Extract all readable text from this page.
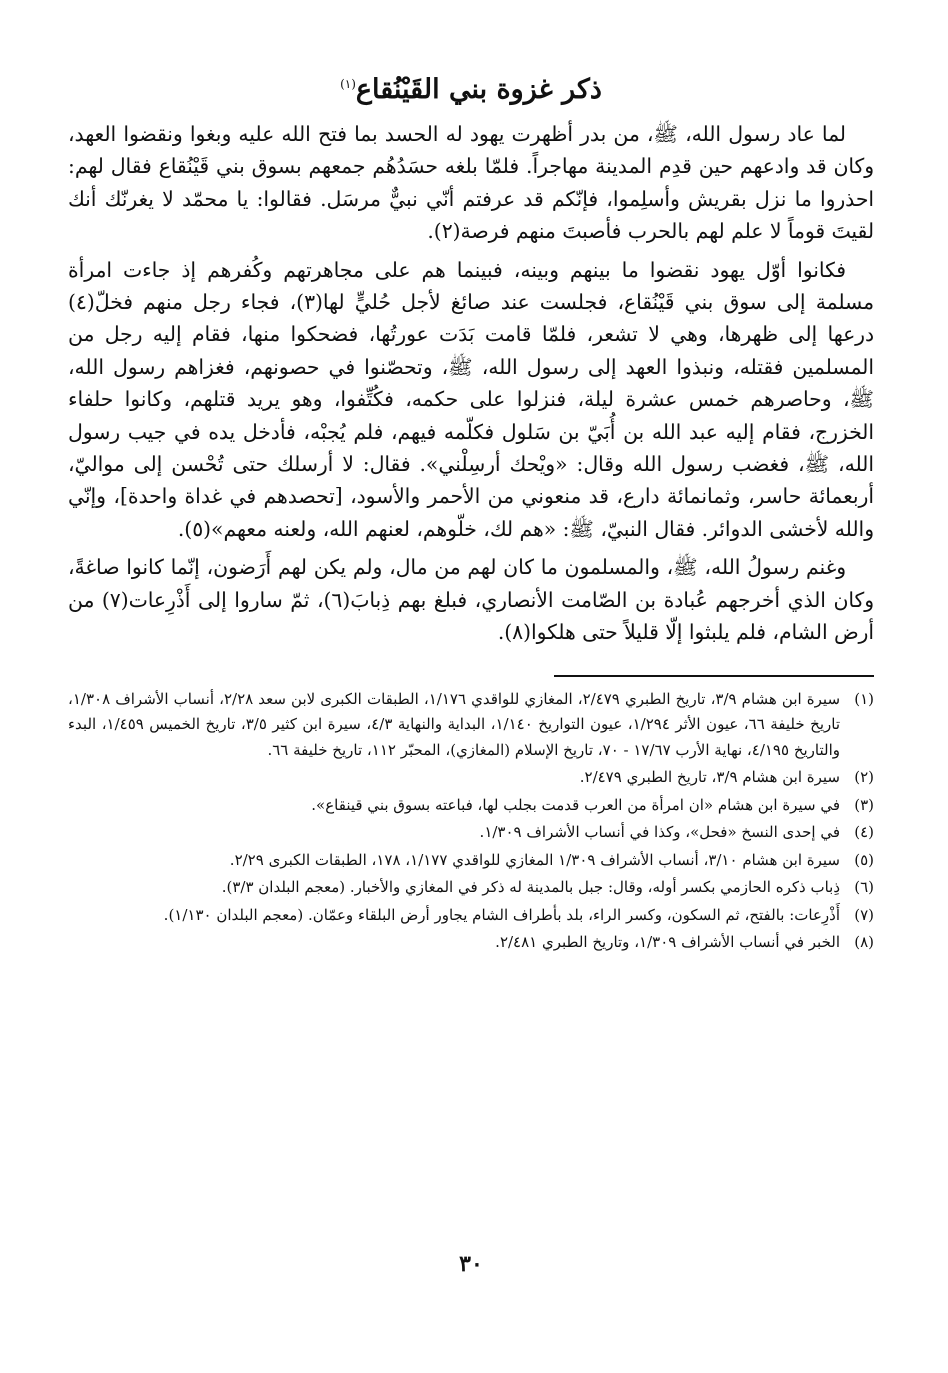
ذكر غزوة بني القَيْنُقاع$^{(١)}$

لما عاد رسول الله، ﷺ، من بدر أظهرت يهود له الحسد بما فتح الله عليه وبغوا ونقضوا العهد، وكان قد وادعهم حين قدِم المدينة مهاجراً. فلمّا بلغه حسَدُهُم جمعهم بسوق بني قَيْنُقاع فقال لهم: احذروا ما نزل بقريش وأسلِموا، فإنّكم قد عرفتم أنّي نبيٌّ مرسَل. فقالوا: يا محمّد لا يغرنّك أنك لقيتَ قوماً لا علم لهم بالحرب فأصبتَ منهم فرصة(٢).

فكانوا أوّل يهود نقضوا ما بينهم وبينه، فبينما هم على مجاهرتهم وكُفرهم إذ جاءت امرأة مسلمة إلى سوق بني قَيْنُقاع، فجلست عند صائغ لأجل حُليٍّ لها(٣)، فجاء رجل منهم فخلّ(٤) درعها إلى ظهرها، وهي لا تشعر، فلمّا قامت بَدَت عورتُها، فضحكوا منها، فقام إليه رجل من المسلمين فقتله، ونبذوا العهد إلى رسول الله، ﷺ، وتحصّنوا في حصونهم، فغزاهم رسول الله، ﷺ، وحاصرهم خمس عشرة ليلة، فنزلوا على حكمه، فكُتِّفوا، وهو يريد قتلهم، وكانوا حلفاء الخزرج، فقام إليه عبد الله بن أُبَيّ بن سَلول فكلّمه فيهم، فلم يُجبْه، فأدخل يده في جيب رسول الله، ﷺ، فغضب رسول الله وقال: «ويْحك أرسِلْني». فقال: لا أرسلك حتى تُحْسن إلى مواليّ، أربعمائة حاسر، وثمانمائة دارع، قد منعوني من الأحمر والأسود، [تحصدهم في غداة واحدة]، وإنّي والله لأخشى الدوائر. فقال النبيّ، ﷺ: «هم لك، خلّوهم، لعنهم الله، ولعنه معهم»(٥).

وغنم رسولُ الله، ﷺ، والمسلمون ما كان لهم من مال، ولم يكن لهم أَرَضون، إنّما كانوا صاغةً، وكان الذي أخرجهم عُبادة بن الصّامت الأنصاري، فبلغ بهم ذِبابَ(٦)، ثمّ ساروا إلى أَذْرِعات(٧) من أرض الشام، فلم يلبثوا إلّا قليلاً حتى هلكوا(٨).

(١)
سيرة ابن هشام ٣/٩، تاريخ الطبري ٢/٤٧٩، المغازي للواقدي ١/١٧٦، الطبقات الكبرى لابن سعد ٢/٢٨، أنساب الأشراف ١/٣٠٨، تاريخ خليفة ٦٦، عيون الأثر ١/٢٩٤، عيون التواريخ ١/١٤٠، البداية والنهاية ٤/٣، سيرة ابن كثير ٣/٥، تاريخ الخميس ١/٤٥٩، البدء والتاريخ ٤/١٩٥، نهاية الأرب ١٧/٦٧ - ٧٠، تاريخ الإسلام (المغازي)، المحبّر ١١٢، تاريخ خليفة ٦٦.
(٢)
سيرة ابن هشام ٣/٩، تاريخ الطبري ٢/٤٧٩.
(٣)
في سيرة ابن هشام «ان امرأة من العرب قدمت بجلب لها، فباعته بسوق بني قينقاع».
(٤)
في إحدى النسخ «فحل»، وكذا في أنساب الأشراف ١/٣٠٩.
(٥)
سيرة ابن هشام ٣/١٠، أنساب الأشراف ١/٣٠٩ المغازي للواقدي ١/١٧٧، ١٧٨، الطبقات الكبرى ٢/٢٩.
(٦)
ذِباب ذكره الحازمي بكسر أوله، وقال: جبل بالمدينة له ذكر في المغازي والأخبار. (معجم البلدان ٣/٣).
(٧)
أَذْرِعات: بالفتح، ثم السكون، وكسر الراء، بلد بأطراف الشام يجاور أرض البلقاء وعمّان. (معجم البلدان ١/١٣٠).
(٨)
الخبر في أنساب الأشراف ١/٣٠٩، وتاريخ الطبري ٢/٤٨١.
٣٠
